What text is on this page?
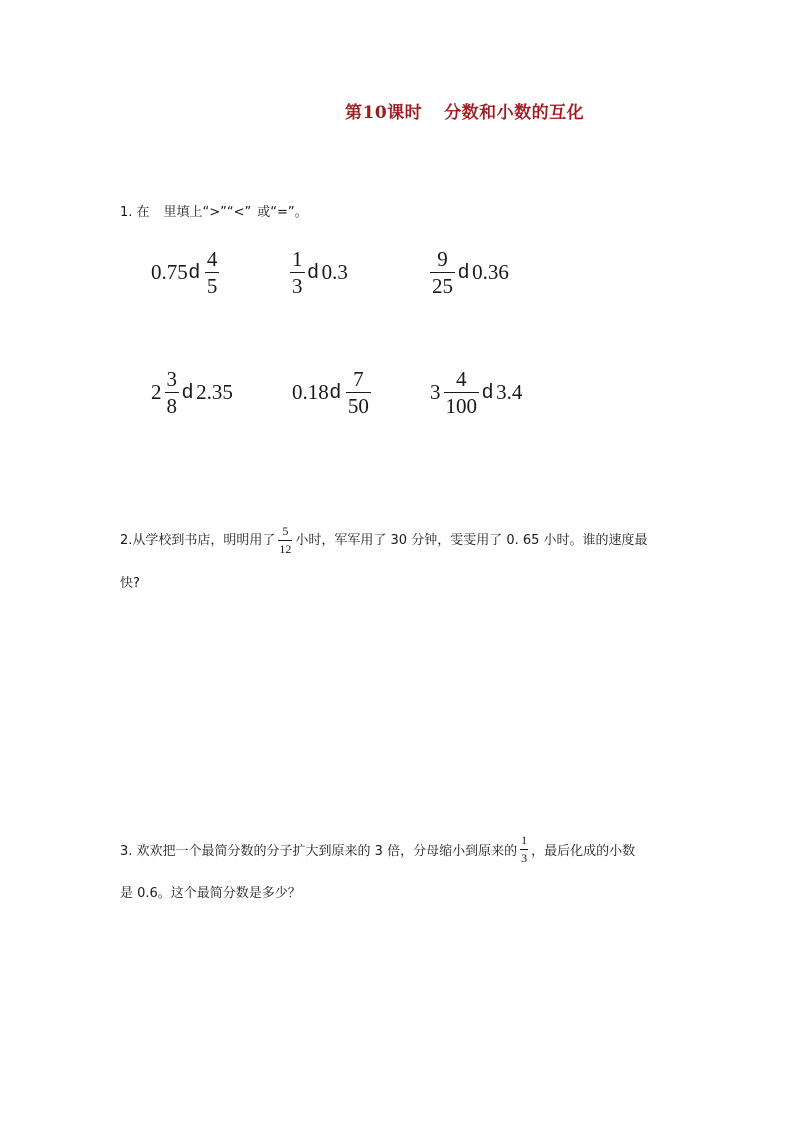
第10课时 分数和小数的互化
1. 在 里填上“>”“<” 或“=”。
0.75 d $\frac{4}{5}$	$\frac{1}{3}$ d 0.3	$\frac{9}{25}$ d 0.36
$2 \frac{3}{8}$ d 2.35	0.18 d $\frac{7}{50}$	$3 \frac{4}{100}$ d 3.4
2.从学校到书店，明明用了
5
12
小时，军军用了 30 分钟，雯雯用了 0. 65 小时。谁的速度最
快?
3. 欢欢把一个最简分数的分子扩大到原来的 3 倍，分母缩小到原来的
1
3 ，最后化成的小数
是 0.6。这个最简分数是多少？
